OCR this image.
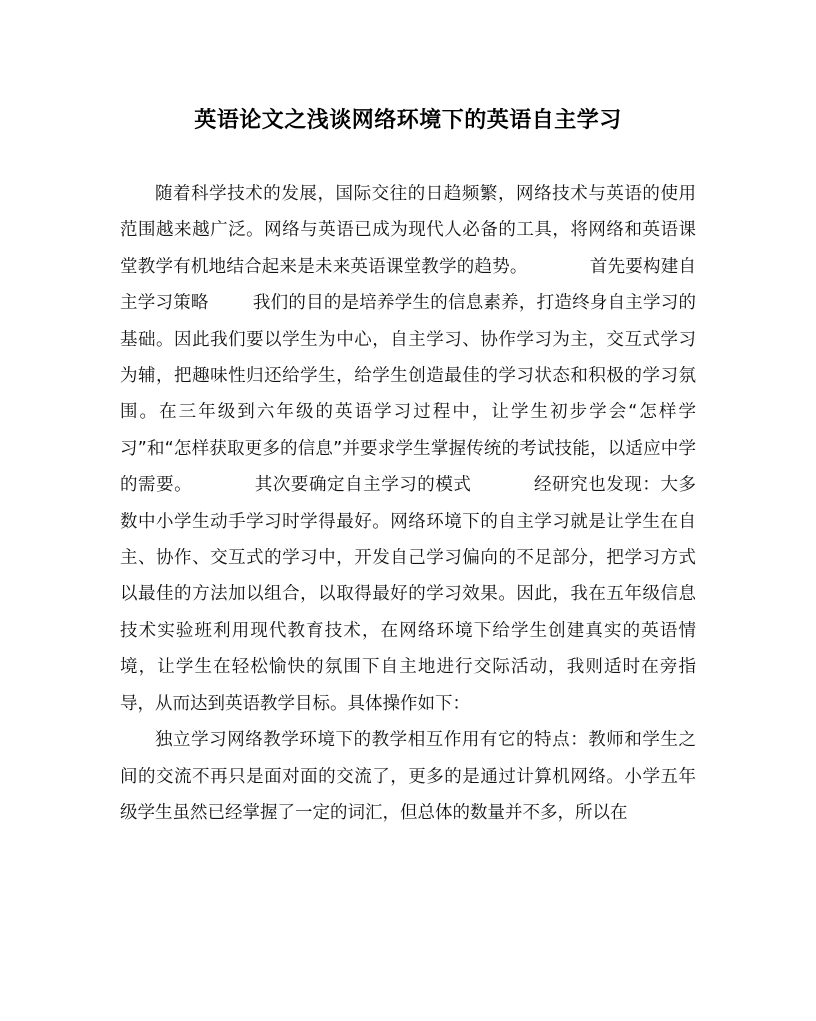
英语论文之浅谈网络环境下的英语自主学习

随着科学技术的发展，国际交往的日趋频繁，网络技术与英语的使用范围越来越广泛。网络与英语已成为现代人必备的工具，将网络和英语课堂教学有机地结合起来是未来英语课堂教学的趋势。	首先要构建自主学习策略	我们的目的是培养学生的信息素养，打造终身自主学习的基础。因此我们要以学生为中心，自主学习、协作学习为主，交互式学习为辅，把趣味性归还给学生，给学生创造最佳的学习状态和积极的学习氛围。在三年级到六年级的英语学习过程中，让学生初步学会“怎样学习”和“怎样获取更多的信息”并要求学生掌握传统的考试技能，以适应中学的需要。	其次要确定自主学习的模式	经研究也发现：大多数中小学生动手学习时学得最好。网络环境下的自主学习就是让学生在自主、协作、交互式的学习中，开发自己学习偏向的不足部分，把学习方式以最佳的方法加以组合，以取得最好的学习效果。因此，我在五年级信息技术实验班利用现代教育技术，在网络环境下给学生创建真实的英语情境，让学生在轻松愉快的氛围下自主地进行交际活动，我则适时在旁指导，从而达到英语教学目标。具体操作如下：

独立学习网络教学环境下的教学相互作用有它的特点：教师和学生之间的交流不再只是面对面的交流了，更多的是通过计算机网络。小学五年级学生虽然已经掌握了一定的词汇，但总体的数量并不多，所以在
